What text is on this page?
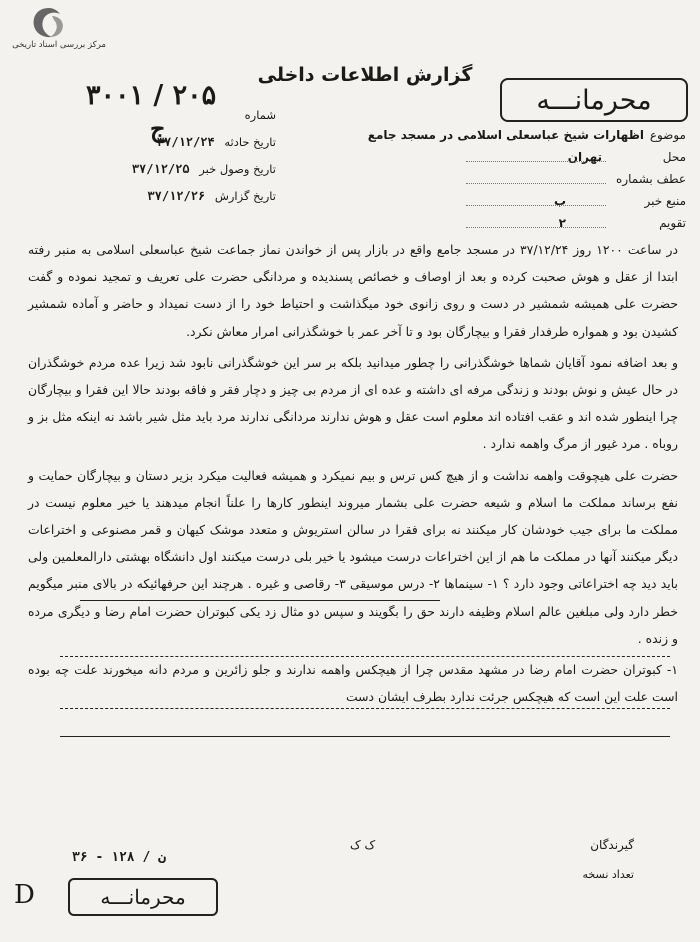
مرکز بررسی اسناد تاریخی
محرمانـــه
گزارش اطلاعات داخلی
۳۰۰۱ / ۲۰۵
ج	موضوع
اظهارات شیخ عباسعلی اسلامی در مسجد جامع
محل
تهران
عطف بشماره
منبع خبر
ب
تقویم
۲
شماره
تاریخ حادثه ۳۷/۱۲/۲۴
تاریخ وصول خبر ۳۷/۱۲/۲۵
تاریخ گزارش ۳۷/۱۲/۲۶

در ساعت ۱۲۰۰ روز ۳۷/۱۲/۲۴ در مسجد جامع واقع در بازار پس از خواندن نماز جماعت شیخ عباسعلی اسلامی به منبر رفته ابتدا از عقل و هوش صحبت کرده و بعد از اوصاف و خصائص پسندیده و مردانگی حضرت علی تعریف و تمجید نموده و گفت حضرت علی همیشه شمشیر در دست و روی زانوی خود میگذاشت و احتیاط خود را از دست نمیداد و حاضر و آماده شمشیر کشیدن بود و همواره طرفدار فقرا و بیچارگان بود و تا آخر عمر با خوشگذرانی امرار معاش نکرد.

و بعد اضافه نمود آقایان شماها خوشگذرانی را چطور میدانید بلکه بر سر این خوشگذرانی نابود شد زیرا عده مردم خوشگذران در حال عیش و نوش بودند و زندگی مرفه ای داشته و عده ای از مردم بی چیز و دچار فقر و فاقه بودند حالا این فقرا و بیچارگان چرا اینطور شده اند و عقب افتاده اند معلوم است عقل و هوش ندارند مردانگی ندارند مرد باید مثل شیر باشد نه اینکه مثل بز و روباه . مرد غیور از مرگ واهمه ندارد .

حضرت علی هیچوقت واهمه نداشت و از هیچ کس ترس و بیم نمیکرد و همیشه فعالیت میکرد بزیر دستان و بیچارگان حمایت و نفع برساند مملکت ما اسلام و شیعه حضرت علی بشمار میروند اینطور کارها را علناً انجام میدهند یا خیر معلوم نیست در مملکت ما برای جیب خودشان کار میکنند نه برای فقرا در سالن استریوش و متعدد موشک کیهان و قمر مصنوعی و اختراعات دیگر میکنند آنها در مملکت ما هم از این اختراعات درست میشود یا خیر بلی درست میکنند اول دانشگاه بهشتی دارالمعلمین ولی باید دید چه اختراعاتی وجود دارد ؟ ۱- سینماها ۲- درس موسیقی ۳- رقاصی و غیره . هرچند این حرفهائیکه در بالای منبر میگویم خطر دارد ولی مبلغین عالم اسلام وظیفه دارند حق را بگویند و سپس دو مثال زد یکی کبوتران حضرت امام رضا و دیگری مرده و زنده .

۱- کبوتران حضرت امام رضا در مشهد مقدس چرا از هیچکس واهمه ندارند و جلو زائرین و مردم دانه میخورند علت چه بوده است علت این است که هیچکس جرئت ندارد بطرف ایشان دست

گیرندگان
تعداد نسخه
ک ک
۳۶ - ۱۲۸ / ن
محرمانـــه
D
